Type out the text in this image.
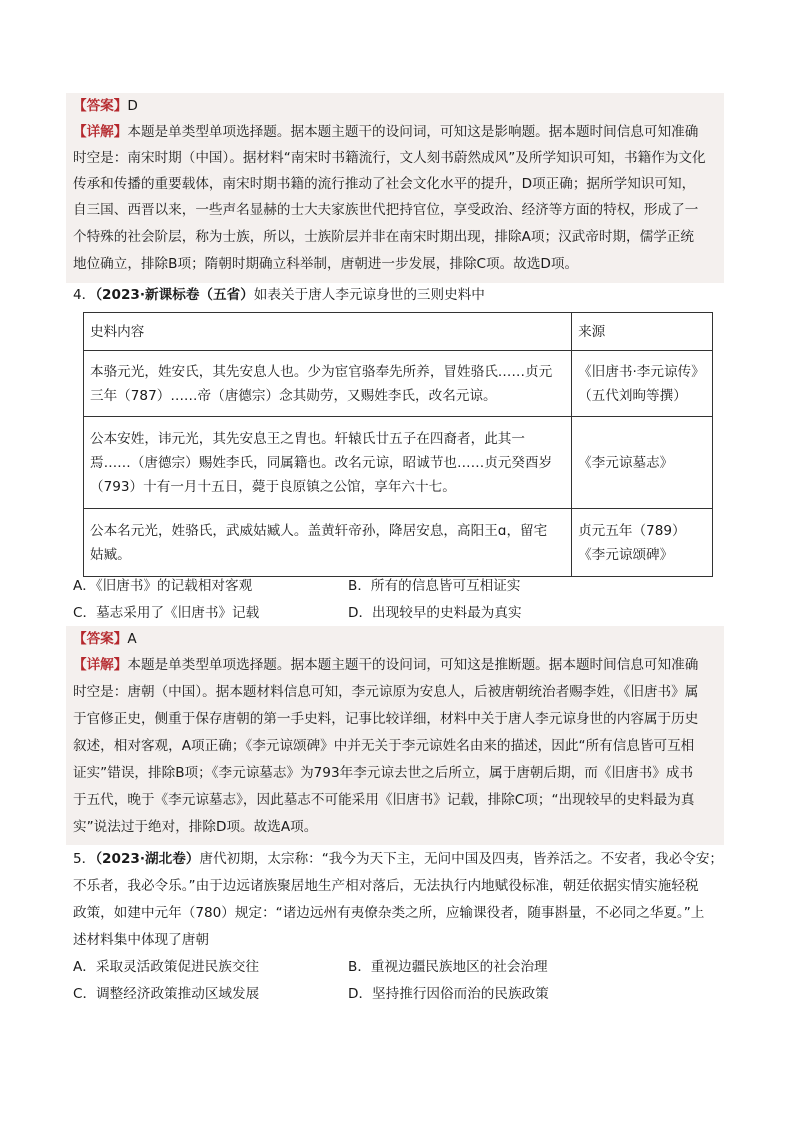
【答案】D
【详解】本题是单类型单项选择题。据本题主题干的设问词，可知这是影响题。据本题时间信息可知准确
时空是：南宋时期（中国）。据材料“南宋时书籍流行，文人刻书蔚然成风”及所学知识可知，书籍作为文化
传承和传播的重要载体，南宋时期书籍的流行推动了社会文化水平的提升，D项正确；据所学知识可知，
自三国、西晋以来，一些声名显赫的士大夫家族世代把持官位，享受政治、经济等方面的特权，形成了一
个特殊的社会阶层，称为士族，所以，士族阶层并非在南宋时期出现，排除A项；汉武帝时期，儒学正统
地位确立，排除B项；隋朝时期确立科举制，唐朝进一步发展，排除C项。故选D项。
4．（2023·新课标卷（五省）如表关于唐人李元谅身世的三则史料中
史料内容	来源

本骆元光，姓安氏，其先安息人也。少为宦官骆奉先所养，冒姓骆氏……贞元
三年（787）……帝（唐德宗）念其勋劳，又赐姓李氏，改名元谅。	《旧唐书·李元谅传》
（五代刘昫等撰）

公本安姓，讳元光，其先安息王之胄也。轩辕氏廿五子在四裔者，此其一
焉……（唐德宗）赐姓李氏，同属籍也。改名元谅，昭诚节也……贞元癸酉岁
（793）十有一月十五日，薨于良原镇之公馆，享年六十七。	《李元谅墓志》

公本名元光，姓骆氏，武威姑臧人。盖黄轩帝孙，降居安息，高阳王ɑ，留宅
姑臧。	贞元五年（789）
《李元谅颂碑》
A．《旧唐书》的记载相对客观	B．所有的信息皆可互相证实
C．墓志采用了《旧唐书》记载	D．出现较早的史料最为真实
【答案】A
【详解】本题是单类型单项选择题。据本题主题干的设问词，可知这是推断题。据本题时间信息可知准确
时空是：唐朝（中国）。据本题材料信息可知，李元谅原为安息人，后被唐朝统治者赐李姓，《旧唐书》属
于官修正史，侧重于保存唐朝的第一手史料，记事比较详细，材料中关于唐人李元谅身世的内容属于历史
叙述，相对客观，A项正确；《李元谅颂碑》中并无关于李元谅姓名由来的描述，因此“所有信息皆可互相
证实”错误，排除B项；《李元谅墓志》为793年李元谅去世之后所立，属于唐朝后期，而《旧唐书》成书
于五代，晚于《李元谅墓志》，因此墓志不可能采用《旧唐书》记载，排除C项；“出现较早的史料最为真
实”说法过于绝对，排除D项。故选A项。
5．（2023·湖北卷）唐代初期，太宗称：“我今为天下主，无问中国及四夷，皆养活之。不安者，我必令安；
不乐者，我必令乐。”由于边远诸族聚居地生产相对落后，无法执行内地赋役标准，朝廷依据实情实施轻税
政策，如建中元年（780）规定：“诸边远州有夷僚杂类之所，应输课役者，随事斟量，不必同之华夏。”上
述材料集中体现了唐朝
A．采取灵活政策促进民族交往	B．重视边疆民族地区的社会治理
C．调整经济政策推动区域发展	D．坚持推行因俗而治的民族政策
